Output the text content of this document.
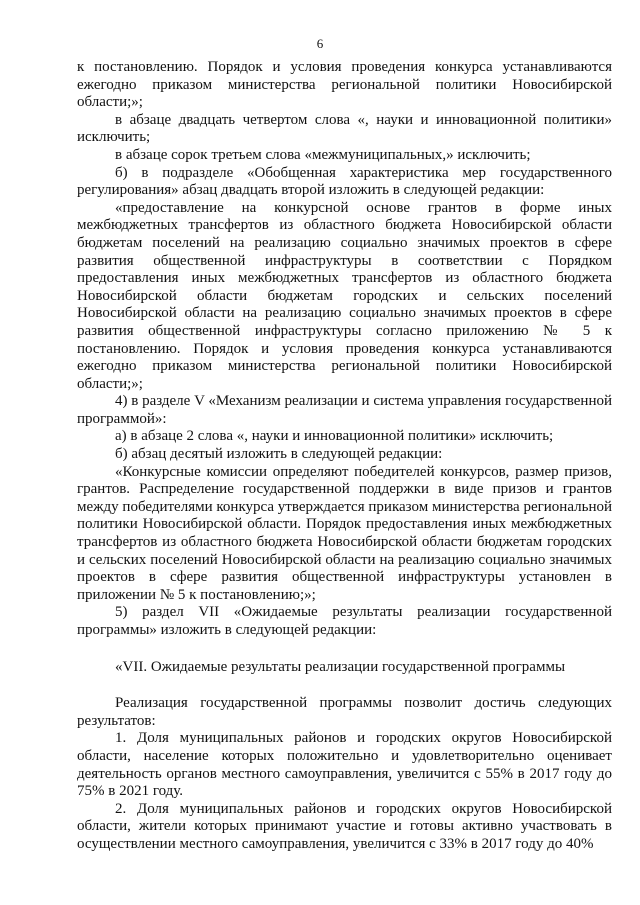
6

к постановлению. Порядок и условия проведения конкурса устанавливаются ежегодно приказом министерства региональной политики Новосибирской области;»;

в абзаце двадцать четвертом слова «, науки и инновационной политики» исключить;

в абзаце сорок третьем слова «межмуниципальных,» исключить;

б) в подразделе «Обобщенная характеристика мер государственного регулирования» абзац двадцать второй изложить в следующей редакции:

«предоставление на конкурсной основе грантов в форме иных межбюджетных трансфертов из областного бюджета Новосибирской области бюджетам поселений на реализацию социально значимых проектов в сфере развития общественной инфраструктуры в соответствии с Порядком предоставления иных межбюджетных трансфертов из областного бюджета Новосибирской области бюджетам городских и сельских поселений Новосибирской области на реализацию социально значимых проектов в сфере развития общественной инфраструктуры согласно приложению № 5 к постановлению. Порядок и условия проведения конкурса устанавливаются ежегодно приказом министерства региональной политики Новосибирской области;»;

4) в разделе V «Механизм реализации и система управления государственной программой»:

а) в абзаце 2 слова «, науки и инновационной политики» исключить;

б) абзац десятый изложить в следующей редакции:

«Конкурсные комиссии определяют победителей конкурсов, размер призов, грантов. Распределение государственной поддержки в виде призов и грантов между победителями конкурса утверждается приказом министерства региональной политики Новосибирской области. Порядок предоставления иных межбюджетных трансфертов из областного бюджета Новосибирской области бюджетам городских и сельских поселений Новосибирской области на реализацию социально значимых проектов в сфере развития общественной инфраструктуры установлен в приложении № 5 к постановлению;»;

5) раздел VII «Ожидаемые результаты реализации государственной программы» изложить в следующей редакции:

«VII. Ожидаемые результаты реализации государственной программы

Реализация государственной программы позволит достичь следующих результатов:

1. Доля муниципальных районов и городских округов Новосибирской области, население которых положительно и удовлетворительно оценивает деятельность органов местного самоуправления, увеличится с 55% в 2017 году до 75% в 2021 году.

2. Доля муниципальных районов и городских округов Новосибирской области, жители которых принимают участие и готовы активно участвовать в осуществлении местного самоуправления, увеличится с 33% в 2017 году до 40%
